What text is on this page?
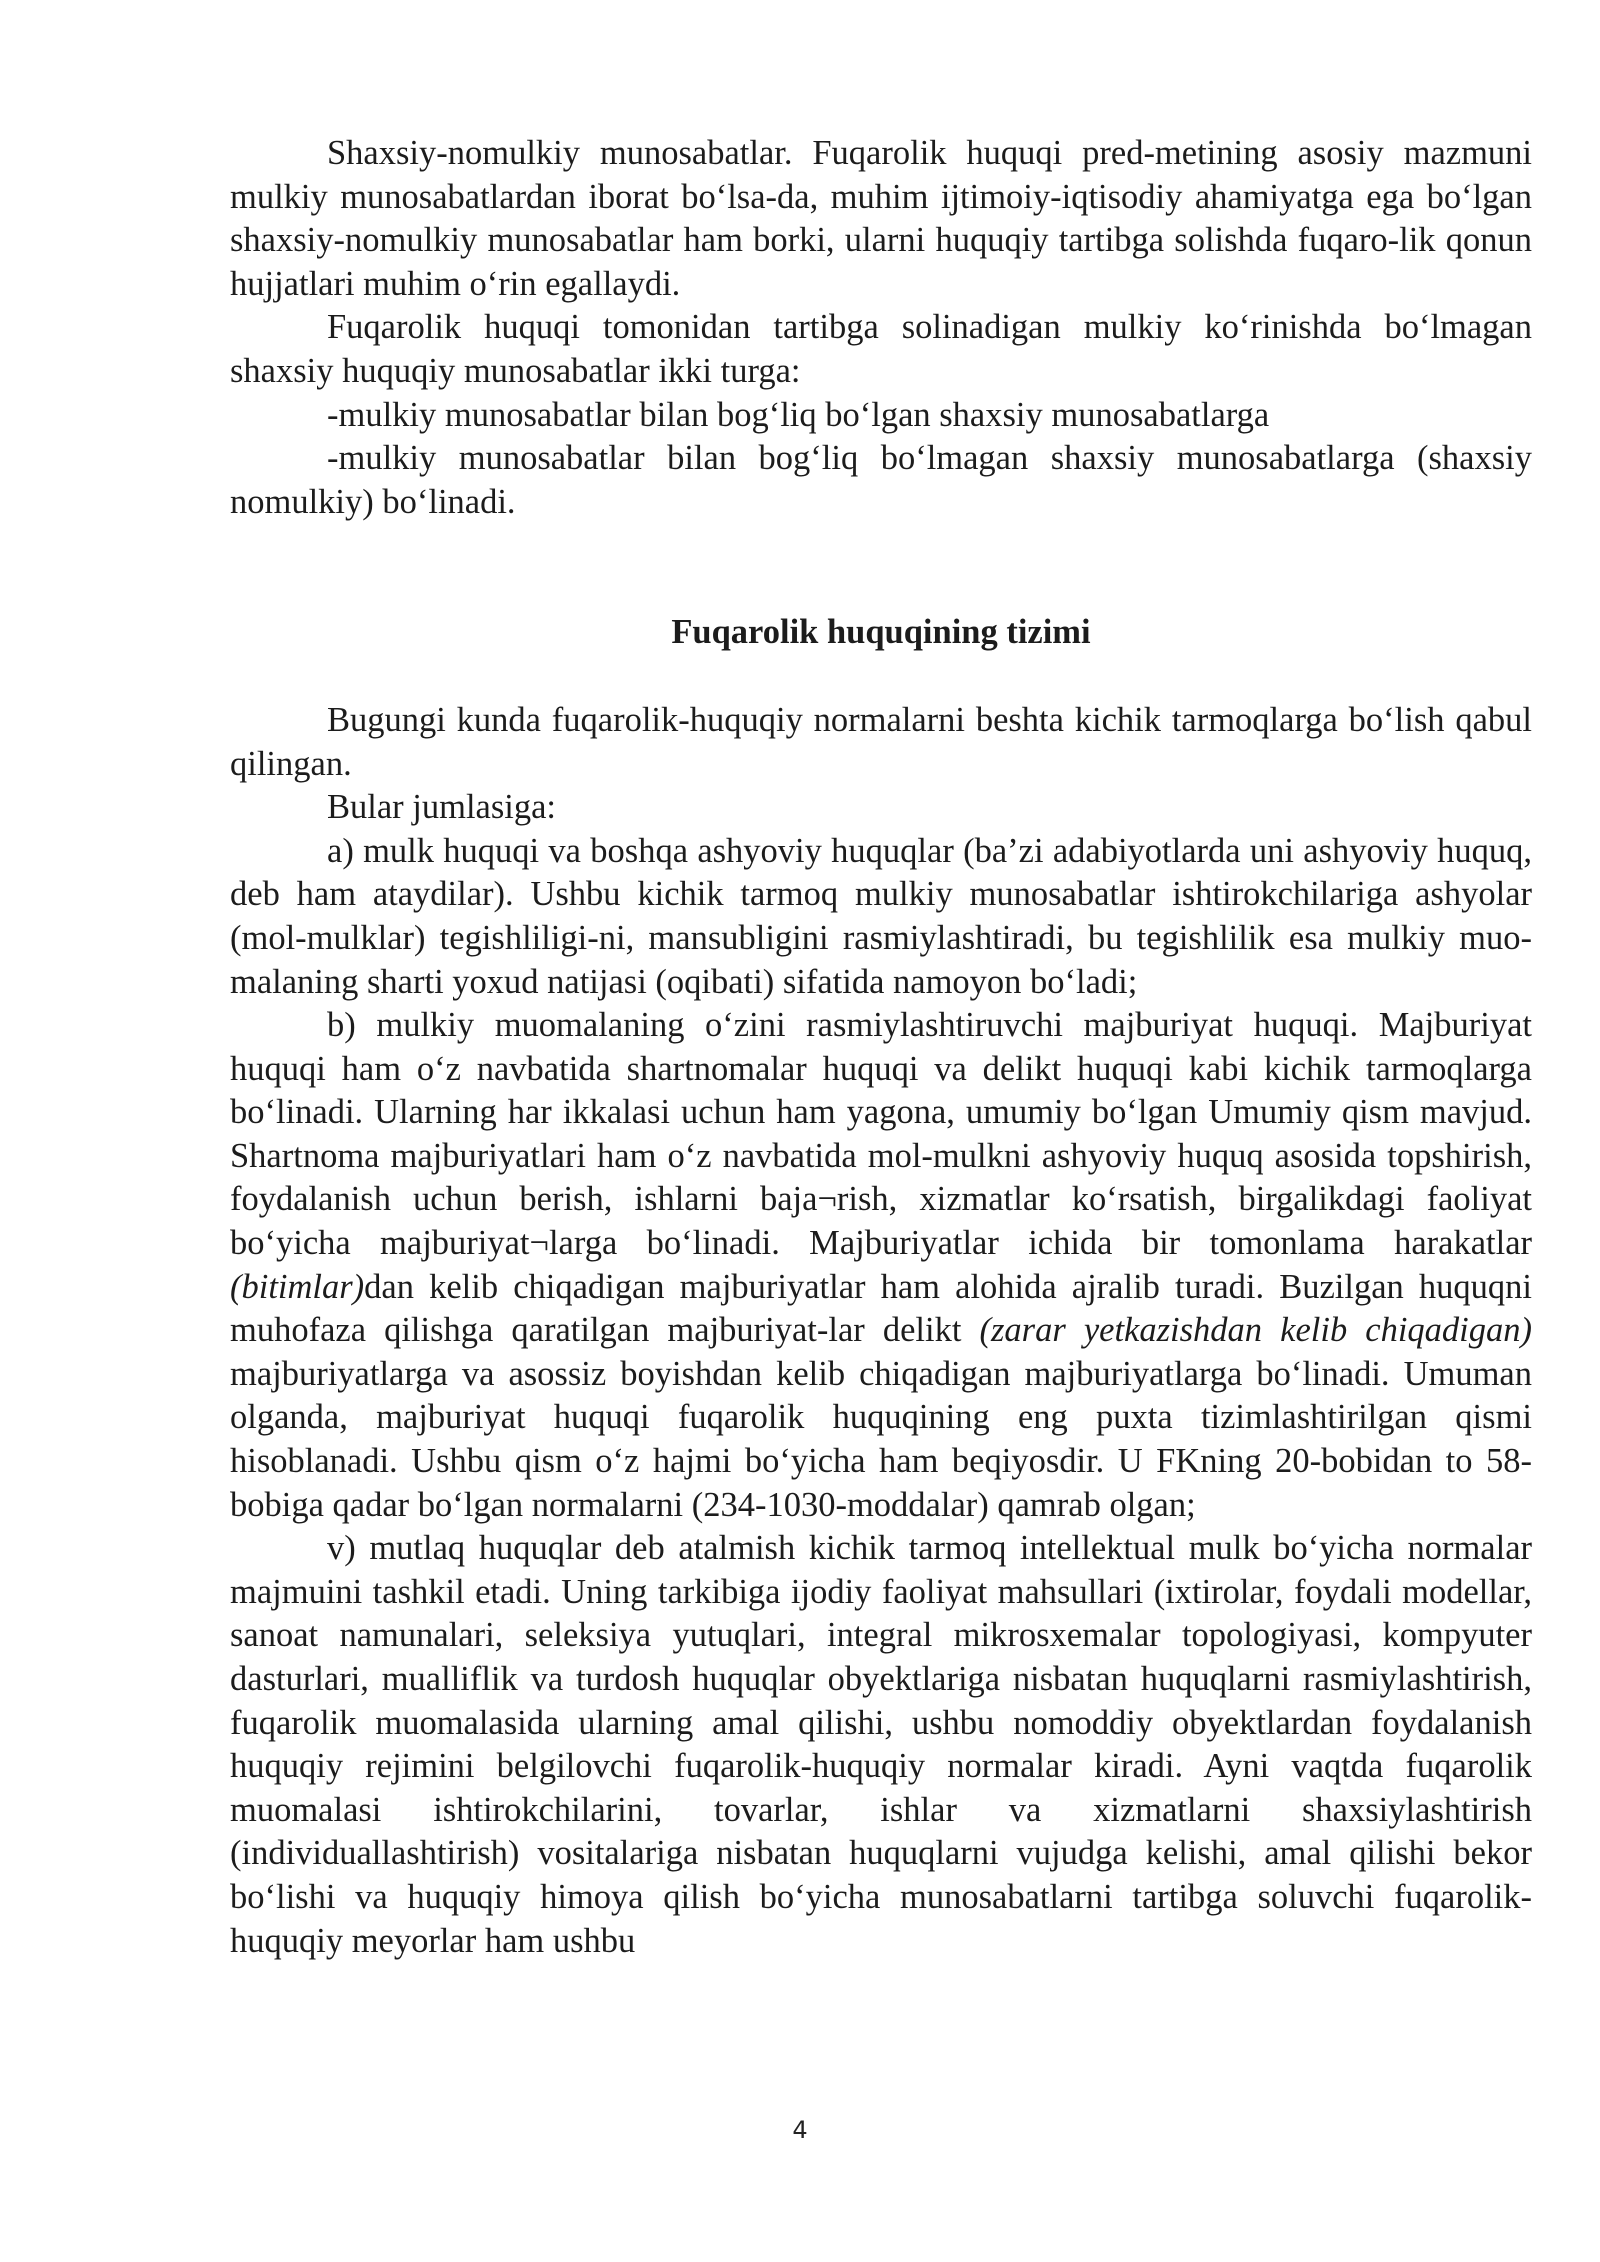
Shaxsiy-nomulkiy munosabatlar. Fuqarolik huquqi pred-metining asosiy mazmuni mulkiy munosabatlardan iborat bo‘lsa-da, muhim ijtimoiy-iqtisodiy ahamiyatga ega bo‘lgan shaxsiy-nomulkiy munosabatlar ham borki, ularni huquqiy tartibga solishda fuqaro-lik qonun hujjatlari muhim o‘rin egallaydi.

Fuqarolik huquqi tomonidan tartibga solinadigan mulkiy ko‘rinishda bo‘lmagan shaxsiy huquqiy munosabatlar ikki turga:

-mulkiy munosabatlar bilan bog‘liq bo‘lgan shaxsiy munosabatlarga

-mulkiy munosabatlar bilan bog‘liq bo‘lmagan shaxsiy munosabatlarga (shaxsiy nomulkiy) bo‘linadi.

Fuqarolik huquqining tizimi

Bugungi kunda fuqarolik-huquqiy normalarni beshta kichik tarmoqlarga bo‘lish qabul qilingan.

Bular jumlasiga:

a) mulk huquqi va boshqa ashyoviy huquqlar (ba’zi adabiyotlarda uni ashyoviy huquq, deb ham ataydilar). Ushbu kichik tarmoq mulkiy munosabatlar ishtirokchilariga ashyolar (mol-mulklar) tegishliligi-ni, mansubligini rasmiylashtiradi, bu tegishlilik esa mulkiy muo-malaning sharti yoxud natijasi (oqibati) sifatida namoyon bo‘ladi;

b) mulkiy muomalaning o‘zini rasmiylashtiruvchi majburiyat huquqi. Majburiyat huquqi ham o‘z navbatida shartnomalar huquqi va delikt huquqi kabi kichik tarmoqlarga bo‘linadi. Ularning har ikkalasi uchun ham yagona, umumiy bo‘lgan Umumiy qism mavjud. Shartnoma majburiyatlari ham o‘z navbatida mol-mulkni ashyoviy huquq asosida topshirish, foydalanish uchun berish, ishlarni baja¬rish, xizmatlar ko‘rsatish, birgalikdagi faoliyat bo‘yicha majburiyat¬larga bo‘linadi. Majburiyatlar ichida bir tomonlama harakatlar (bitimlar)dan kelib chiqadigan majburiyatlar ham alohida ajralib turadi. Buzilgan huquqni muhofaza qilishga qaratilgan majburiyat-lar delikt (zarar yetkazishdan kelib chiqadigan) majburiyatlarga va asossiz boyishdan kelib chiqadigan majburiyatlarga bo‘linadi. Umuman olganda, majburiyat huquqi fuqarolik huquqining eng puxta tizimlashtirilgan qismi hisoblanadi. Ushbu qism o‘z hajmi bo‘yicha ham beqiyosdir. U FKning 20-bobidan to 58-bobiga qadar bo‘lgan normalarni (234-1030-moddalar) qamrab olgan;

v) mutlaq huquqlar deb atalmish kichik tarmoq intellektual mulk bo‘yicha normalar majmuini tashkil etadi. Uning tarkibiga ijodiy faoliyat mahsullari (ixtirolar, foydali modellar, sanoat namunalari, seleksiya yutuqlari, integral mikrosxemalar topologiyasi, kompyuter dasturlari, mualliflik va turdosh huquqlar obyektlariga nisbatan huquqlarni rasmiylashtirish, fuqarolik muomalasida ularning amal qilishi, ushbu nomoddiy obyektlardan foydalanish huquqiy rejimini belgilovchi fuqarolik-huquqiy normalar kiradi. Ayni vaqtda fuqarolik muomalasi ishtirokchilarini, tovarlar, ishlar va xizmatlarni shaxsiylashtirish (individuallashtirish) vositalariga nisbatan huquqlarni vujudga kelishi, amal qilishi bekor bo‘lishi va huquqiy himoya qilish bo‘yicha munosabatlarni tartibga soluvchi fuqarolik-huquqiy meyorlar ham ushbu

4
